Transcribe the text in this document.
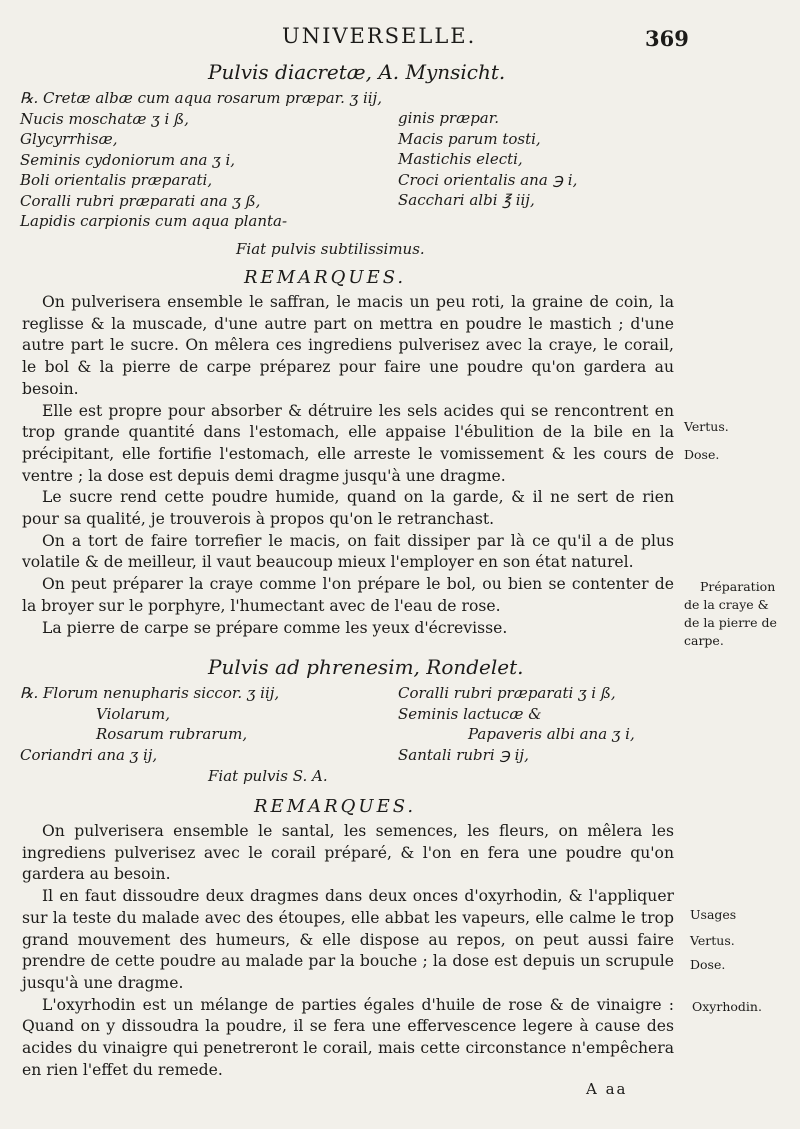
UNIVERSELLE.	369
Pulvis diacretæ, A. Mynsicht.
℞. Cretæ albæ cum aqua rosarum præpar. ʒ iij,
Nucis moschatæ ʒ i ß,
Glycyrrhisæ,
Seminis cydoniorum ana ʒ i,
Boli orientalis præparati,
Coralli rubri præparati ana ʒ ß,
Lapidis carpionis cum aqua planta-
ginis præpar.
Macis parum tosti,
Mastichis electi,
Croci orientalis ana ℈ i,
Sacchari albi ℥ iij,
Fiat pulvis subtilissimus.
REMARQUES.

On pulverisera ensemble le saffran, le macis un peu roti, la graine de coin, la reglisse & la muscade, d'une autre part on mettra en poudre le mastich ; d'une autre part le sucre. On mêlera ces ingrediens pulverisez avec la craye, le corail, le bol & la pierre de carpe préparez pour faire une poudre qu'on gardera au besoin.

Elle est propre pour absorber & détruire les sels acides qui se rencontrent en trop grande quantité dans l'estomach, elle appaise l'ébulition de la bile en la précipitant, elle fortifie l'estomach, elle arreste le vomissement & les cours de ventre ; la dose est depuis demi dragme jusqu'à une dragme.

Le sucre rend cette poudre humide, quand on la garde, & il ne sert de rien pour sa qualité, je trouverois à propos qu'on le retranchast.

On a tort de faire torrefier le macis, on fait dissiper par là ce qu'il a de plus volatile & de meilleur, il vaut beaucoup mieux l'employer en son état naturel.

On peut préparer la craye comme l'on prépare le bol, ou bien se contenter de la broyer sur le porphyre, l'humectant avec de l'eau de rose.

La pierre de carpe se prépare comme les yeux d'écrevisse.

Vertus.
Dose.
Préparation
de la craye &
de la pierre de
carpe.
Pulvis ad phrenesim, Rondelet.
℞. Florum nenupharis siccor. ʒ iij,
Violarum,
Rosarum rubrarum,
Coriandri ana ʒ ij,
Coralli rubri præparati ʒ i ß,
Seminis lactucæ &
Papaveris albi ana ʒ i,
Santali rubri ℈ ij,
Fiat pulvis S. A.
REMARQUES.

On pulverisera ensemble le santal, les semences, les fleurs, on mêlera les ingrediens pulverisez avec le corail préparé, & l'on en fera une poudre qu'on gardera au besoin.

Il en faut dissoudre deux dragmes dans deux onces d'oxyrhodin, & l'appliquer sur la teste du malade avec des étoupes, elle abbat les vapeurs, elle calme le trop grand mouvement des humeurs, & elle dispose au repos, on peut aussi faire prendre de cette poudre au malade par la bouche ; la dose est depuis un scrupule jusqu'à une dragme.

L'oxyrhodin est un mélange de parties égales d'huile de rose & de vinaigre : Quand on y dissoudra la poudre, il se fera une effervescence legere à cause des acides du vinaigre qui penetreront le corail, mais cette circonstance n'empêchera en rien l'effet du remede.

Usages
Vertus.
Dose.
Oxyrhodin.
A aa
